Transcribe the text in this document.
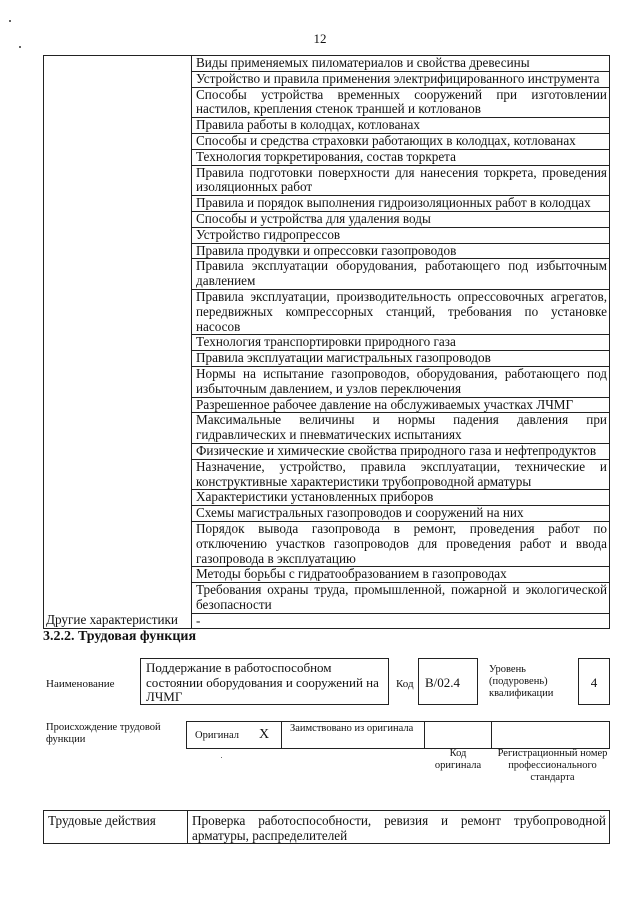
12
	Виды применяемых пиломатериалов и свойства древесины
	Устройство и правила применения электрифицированного инструмента
	Способы устройства временных сооружений при изготовлении настилов, крепления стенок траншей и котлованов
	Правила работы в колодцах, котлованах
	Способы и средства страховки работающих в колодцах, котлованах
	Технология торкретирования, состав торкрета
	Правила подготовки поверхности для нанесения торкрета, проведения изоляционных работ
	Правила и порядок выполнения гидроизоляционных работ в колодцах
	Способы и устройства для удаления воды
	Устройство гидропрессов
	Правила продувки и опрессовки газопроводов
	Правила эксплуатации оборудования, работающего под избыточным давлением
	Правила эксплуатации, производительность опрессовочных агрегатов, передвижных компрессорных станций, требования по установке насосов
	Технология транспортировки природного газа
	Правила эксплуатации магистральных газопроводов
	Нормы на испытание газопроводов, оборудования, работающего под избыточным давлением, и узлов переключения
	Разрешенное рабочее давление на обслуживаемых участках ЛЧМГ
	Максимальные величины и нормы падения давления при гидравлических и пневматических испытаниях
	Физические и химические свойства природного газа и нефтепродуктов
	Назначение, устройство, правила эксплуатации, технические и конструктивные характеристики трубопроводной арматуры
	Характеристики установленных приборов
	Схемы магистральных газопроводов и сооружений на них
	Порядок вывода газопровода в ремонт, проведения работ по отключению участков газопроводов для проведения работ и ввода газопровода в эксплуатацию
	Методы борьбы с гидратообразованием в газопроводах
	Требования охраны труда, промышленной, пожарной и экологической безопасности
Другие характеристики	-
3.2.2. Трудовая функция
Наименование
Поддержание в работоспособном состоянии оборудования и сооружений на ЛЧМГ
Код В/02.4
Уровень (подуровень) квалификации
4
Происхождение трудовой функции	Оригинал X Заимствовано из оригинала
Код оригинала
Регистрационный номер профессионального стандарта
Трудовые действия	Проверка работоспособности, ревизия и ремонт трубопроводной арматуры, распределителей
